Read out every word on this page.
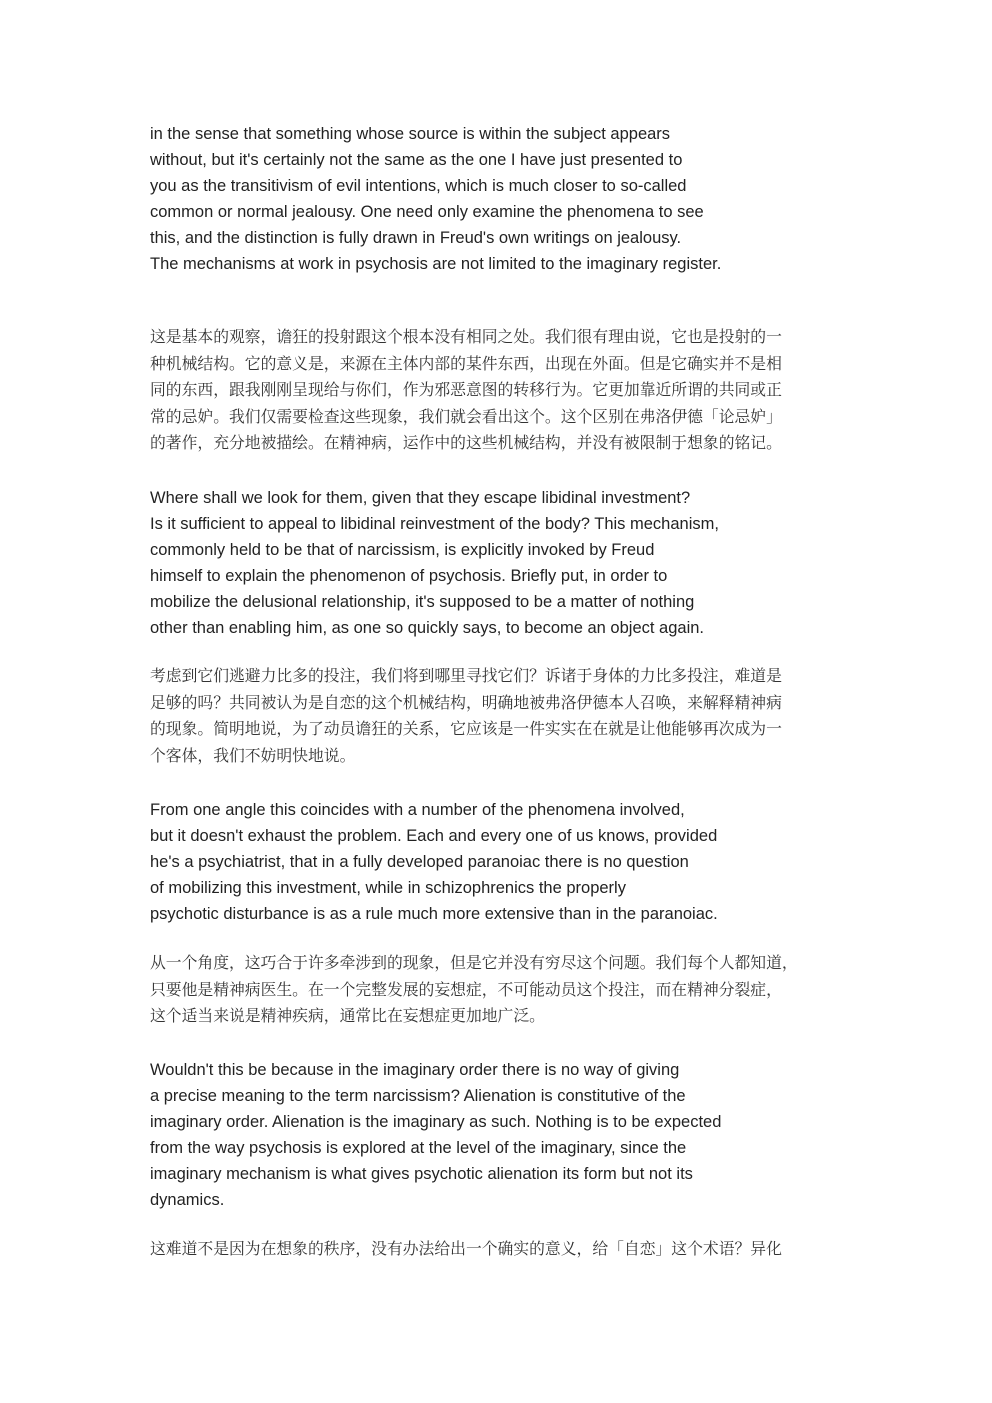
in the sense that something whose source is within the subject appears
without, but it's certainly not the same as the one I have just presented to
you as the transitivism of evil intentions, which is much closer to so-called
common or normal jealousy. One need only examine the phenomena to see
this, and the distinction is fully drawn in Freud's own writings on jealousy.
The mechanisms at work in psychosis are not limited to the imaginary register.
这是基本的观察，谵狂的投射跟这个根本没有相同之处。我们很有理由说，它也是投射的一
种机械结构。它的意义是，来源在主体内部的某件东西，出现在外面。但是它确实并不是相
同的东西，跟我刚刚呈现给与你们，作为邪恶意图的转移行为。它更加靠近所谓的共同或正
常的忌妒。我们仅需要检查这些现象，我们就会看出这个。这个区别在弗洛伊德「论忌妒」
的著作，充分地被描绘。在精神病，运作中的这些机械结构，并没有被限制于想象的铭记。
Where shall we look for them, given that they escape libidinal investment?
Is it sufficient to appeal to libidinal reinvestment of the body? This mechanism,
commonly held to be that of narcissism, is explicitly invoked by Freud
himself to explain the phenomenon of psychosis. Briefly put, in order to
mobilize the delusional relationship, it's supposed to be a matter of nothing
other than enabling him, as one so quickly says, to become an object again.
考虑到它们逃避力比多的投注，我们将到哪里寻找它们？诉诸于身体的力比多投注，难道是
足够的吗？共同被认为是自恋的这个机械结构，明确地被弗洛伊德本人召唤，来解释精神病
的现象。简明地说，为了动员谵狂的关系，它应该是一件实实在在就是让他能够再次成为一
个客体，我们不妨明快地说。
From one angle this coincides with a number of the phenomena involved,
but it doesn't exhaust the problem. Each and every one of us knows, provided
he's a psychiatrist, that in a fully developed paranoiac there is no question
of mobilizing this investment, while in schizophrenics the properly
psychotic disturbance is as a rule much more extensive than in the paranoiac.
从一个角度，这巧合于许多牵涉到的现象，但是它并没有穷尽这个问题。我们每个人都知道，
只要他是精神病医生。在一个完整发展的妄想症，不可能动员这个投注，而在精神分裂症，
这个适当来说是精神疾病，通常比在妄想症更加地广泛。
Wouldn't this be because in the imaginary order there is no way of giving
a precise meaning to the term narcissism? Alienation is constitutive of the
imaginary order. Alienation is the imaginary as such. Nothing is to be expected
from the way psychosis is explored at the level of the imaginary, since the
imaginary mechanism is what gives psychotic alienation its form but not its
dynamics.
这难道不是因为在想象的秩序，没有办法给出一个确实的意义，给「自恋」这个术语？异化
